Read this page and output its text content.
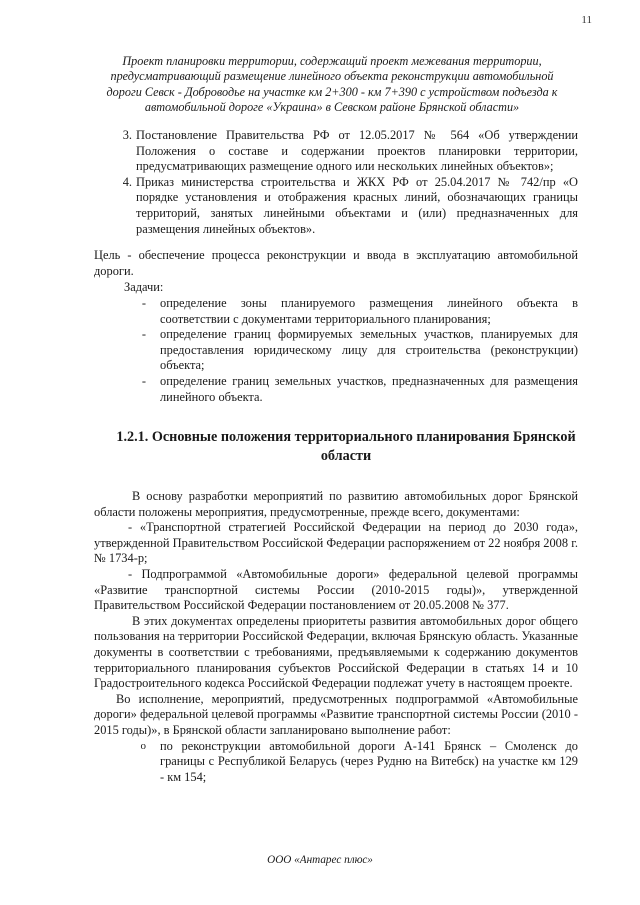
11
Проект планировки территории, содержащий проект межевания территории,
предусматривающий размещение линейного объекта реконструкции автомобильной
дороги Севск - Доброводье на участке км 2+300 - км 7+390 с устройством подъезда к
автомобильной дороге «Украина» в Севском районе Брянской области»
3. Постановление Правительства РФ от 12.05.2017 № 564 «Об утверждении Положения о составе и содержании проектов планировки территории, предусматривающих размещение одного или нескольких линейных объектов»;
4. Приказ министерства строительства и ЖКХ РФ от 25.04.2017 № 742/пр «О порядке установления и отображения красных линий, обозначающих границы территорий, занятых линейными объектами и (или) предназначенных для размещения линейных объектов».

Цель - обеспечение процесса реконструкции и ввода в эксплуатацию автомобильной дороги.

Задачи:

-	определение зоны планируемого размещения линейного объекта в соответствии с документами территориального планирования;
-	определение границ формируемых земельных участков, планируемых для предоставления юридическому лицу для строительства (реконструкции) объекта;
-	определение границ земельных участков, предназначенных для размещения линейного объекта.
1.2.1. Основные положения территориального планирования Брянской области

В основу разработки мероприятий по развитию автомобильных дорог Брянской области положены мероприятия, предусмотренные, прежде всего, документами:

- «Транспортной стратегией Российской Федерации на период до 2030 года», утвержденной Правительством Российской Федерации распоряжением от 22 ноября 2008 г. № 1734-р;

- Подпрограммой «Автомобильные дороги» федеральной целевой программы «Развитие транспортной системы России (2010-2015 годы)», утвержденной Правительством Российской Федерации постановлением от 20.05.2008 № 377.

В этих документах определены приоритеты развития автомобильных дорог общего пользования на территории Российской Федерации, включая Брянскую область. Указанные документы в соответствии с требованиями, предъявляемыми к содержанию документов территориального планирования субъектов Российской Федерации в статьях 14 и 10 Градостроительного кодекса Российской Федерации подлежат учету в настоящем проекте.

Во исполнение, мероприятий, предусмотренных подпрограммой «Автомобильные дороги» федеральной целевой программы «Развитие транспортной системы России (2010 - 2015 годы)», в Брянской области запланировано выполнение работ:

o	по реконструкции автомобильной дороги А-141 Брянск – Смоленск до границы с Республикой Беларусь (через Рудню на Витебск) на участке км 129 - км 154;
ООО «Антарес плюс»
